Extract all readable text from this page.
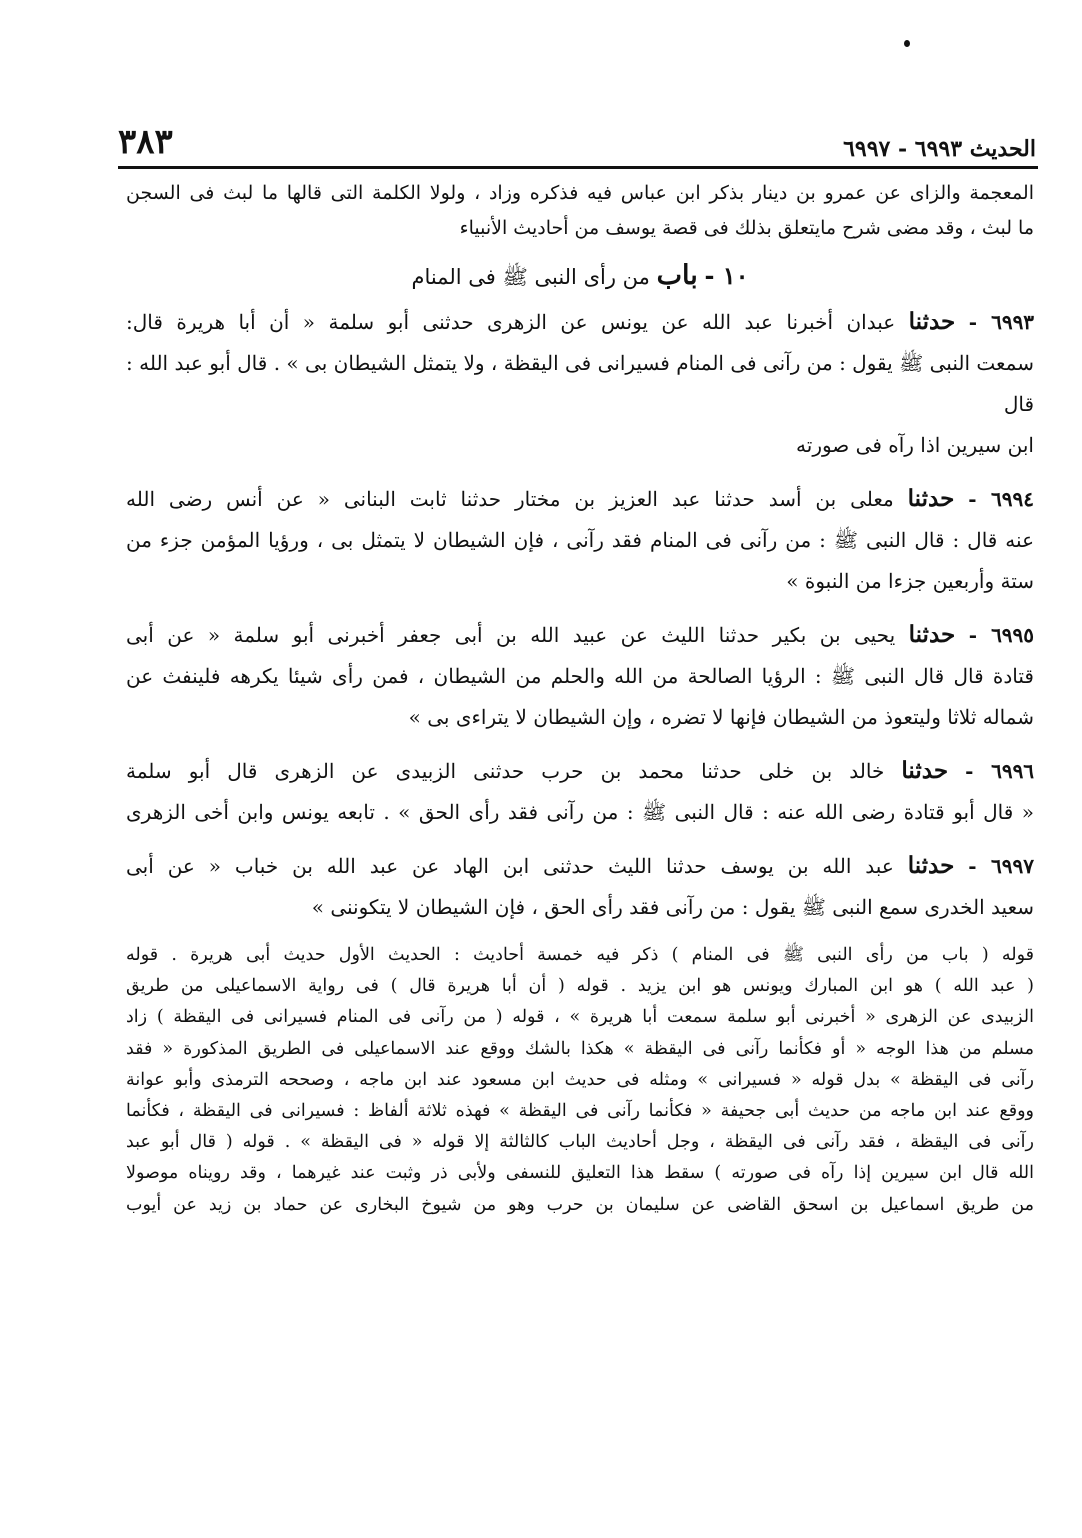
الحديث ٦٩٩٣ - ٦٩٩٧
٣٨٣

المعجمة والزاى عن عمرو بن دينار بذكر ابن عباس فيه فذكره وزاد ، ولولا الكلمة التى قالها ما لبث فى السجن

ما لبث ، وقد مضى شرح مايتعلق بذلك فى قصة يوسف من أحاديث الأنبياء

١٠ - باب من رأى النبى ﷺ فى المنام

٦٩٩٣ - حدثنا عبدان أخبرنا عبد الله عن يونس عن الزهرى حدثنى أبو سلمة « أن أبا هريرة قال:

سمعت النبى ﷺ يقول : من رآنى فى المنام فسيرانى فى اليقظة ، ولا يتمثل الشيطان بى » . قال أبو عبد الله : قال

ابن سيرين اذا رآه فى صورته

٦٩٩٤ - حدثنا معلى بن أسد حدثنا عبد العزيز بن مختار حدثنا ثابت البنانى « عن أنس رضى الله

عنه قال : قال النبى ﷺ : من رآنى فى المنام فقد رآنى ، فإن الشيطان لا يتمثل بى ، ورؤيا المؤمن جزء من

ستة وأربعين جزءا من النبوة »

٦٩٩٥ - حدثنا يحيى بن بكير حدثنا الليث عن عبيد الله بن أبى جعفر أخبرنى أبو سلمة « عن أبى

قتادة قال قال النبى ﷺ : الرؤيا الصالحة من الله والحلم من الشيطان ، فمن رأى شيئا يكرهه فلينفث عن

شماله ثلاثا وليتعوذ من الشيطان فإنها لا تضره ، وإن الشيطان لا يتراءى بى »

٦٩٩٦ - حدثنا خالد بن خلى حدثنا محمد بن حرب حدثنى الزبيدى عن الزهرى قال أبو سلمة

« قال أبو قتادة رضى الله عنه : قال النبى ﷺ : من رآنى فقد رأى الحق » . تابعه يونس وابن أخى الزهرى

٦٩٩٧ - حدثنا عبد الله بن يوسف حدثنا الليث حدثنى ابن الهاد عن عبد الله بن خباب « عن أبى

سعيد الخدرى سمع النبى ﷺ يقول : من رآنى فقد رأى الحق ، فإن الشيطان لا يتكوننى »

قوله ( باب من رأى النبى ﷺ فى المنام ) ذكر فيه خمسة أحاديث : الحديث الأول حديث أبى هريرة . قوله

( عبد الله ) هو ابن المبارك ويونس هو ابن يزيد . قوله ( أن أبا هريرة قال ) فى رواية الاسماعيلى من طريق

الزبيدى عن الزهرى « أخبرنى أبو سلمة سمعت أبا هريرة » ، قوله ( من رآنى فى المنام فسيرانى فى اليقظة ) زاد

مسلم من هذا الوجه « أو فكأنما رآنى فى اليقظة » هكذا بالشك ووقع عند الاسماعيلى فى الطريق المذكورة « فقد

رآنى فى اليقظة » بدل قوله « فسيرانى » ومثله فى حديث ابن مسعود عند ابن ماجه ، وصححه الترمذى وأبو عوانة

ووقع عند ابن ماجه من حديث أبى جحيفة « فكأنما رآنى فى اليقظة » فهذه ثلاثة ألفاظ : فسيرانى فى اليقظة ، فكأنما

رآنى فى اليقظة ، فقد رآنى فى اليقظة ، وجل أحاديث الباب كالثالثة إلا قوله « فى اليقظة » . قوله ( قال أبو عبد

الله قال ابن سيرين إذا رآه فى صورته ) سقط هذا التعليق للنسفى ولأبى ذر وثبت عند غيرهما ، وقد رويناه موصولا

من طريق اسماعيل بن اسحق القاضى عن سليمان بن حرب وهو من شيوخ البخارى عن حماد بن زيد عن أيوب
